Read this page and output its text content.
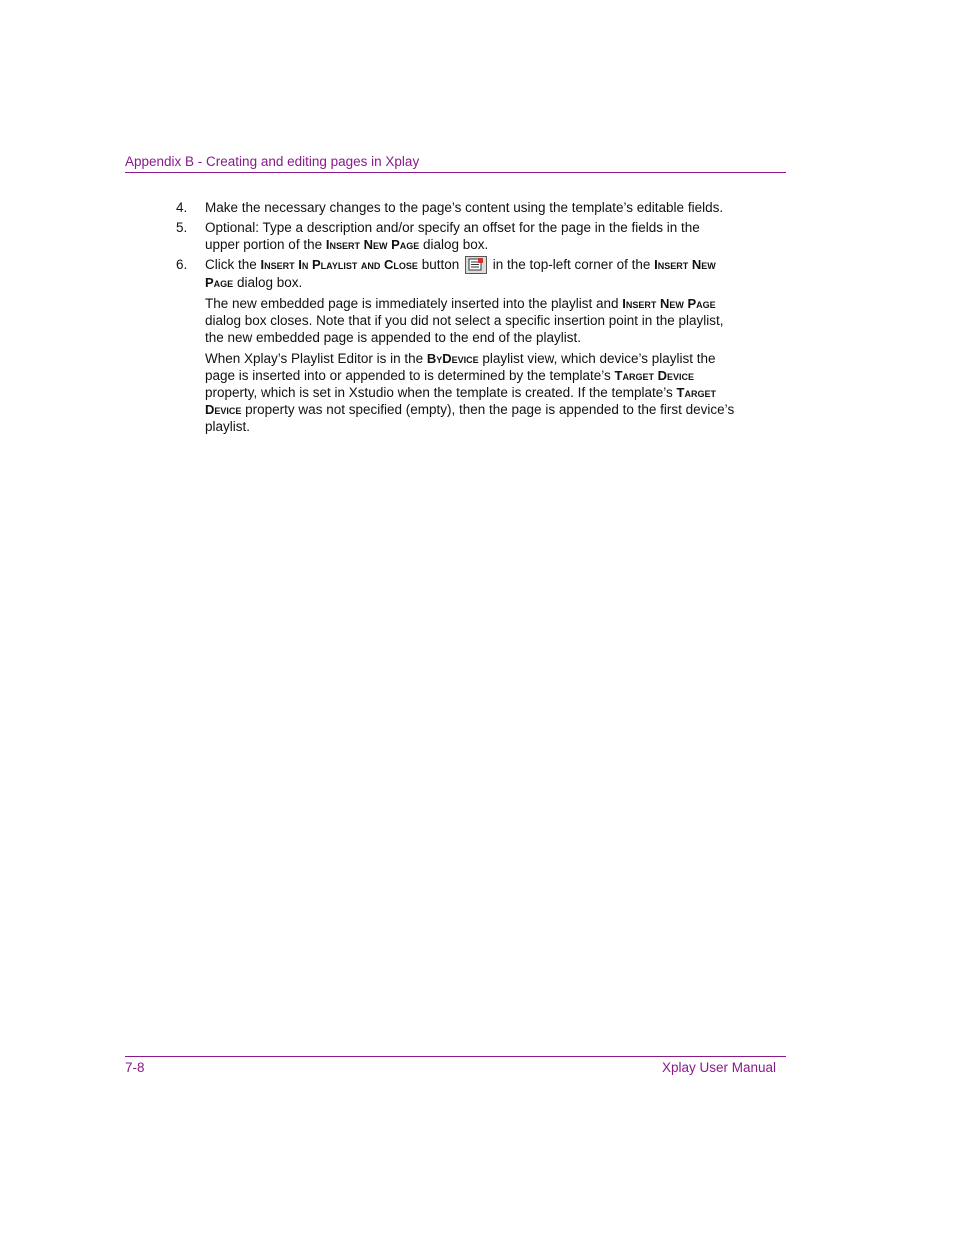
Appendix B - Creating and editing pages in Xplay
4. Make the necessary changes to the page’s content using the template’s editable fields.
5. Optional: Type a description and/or specify an offset for the page in the fields in the upper portion of the Insert New Page dialog box.
6. Click the Insert In Playlist and Close button
in the top-left corner of the Insert New Page dialog box.
The new embedded page is immediately inserted into the playlist and Insert New Page dialog box closes. Note that if you did not select a specific insertion point in the playlist, the new embedded page is appended to the end of the playlist.
When Xplay’s Playlist Editor is in the ByDevice playlist view, which device’s playlist the page is inserted into or appended to is determined by the template’s Target Device property, which is set in Xstudio when the template is created. If the template’s Target Device property was not specified (empty), then the page is appended to the first device’s playlist.
7-8	Xplay User Manual
